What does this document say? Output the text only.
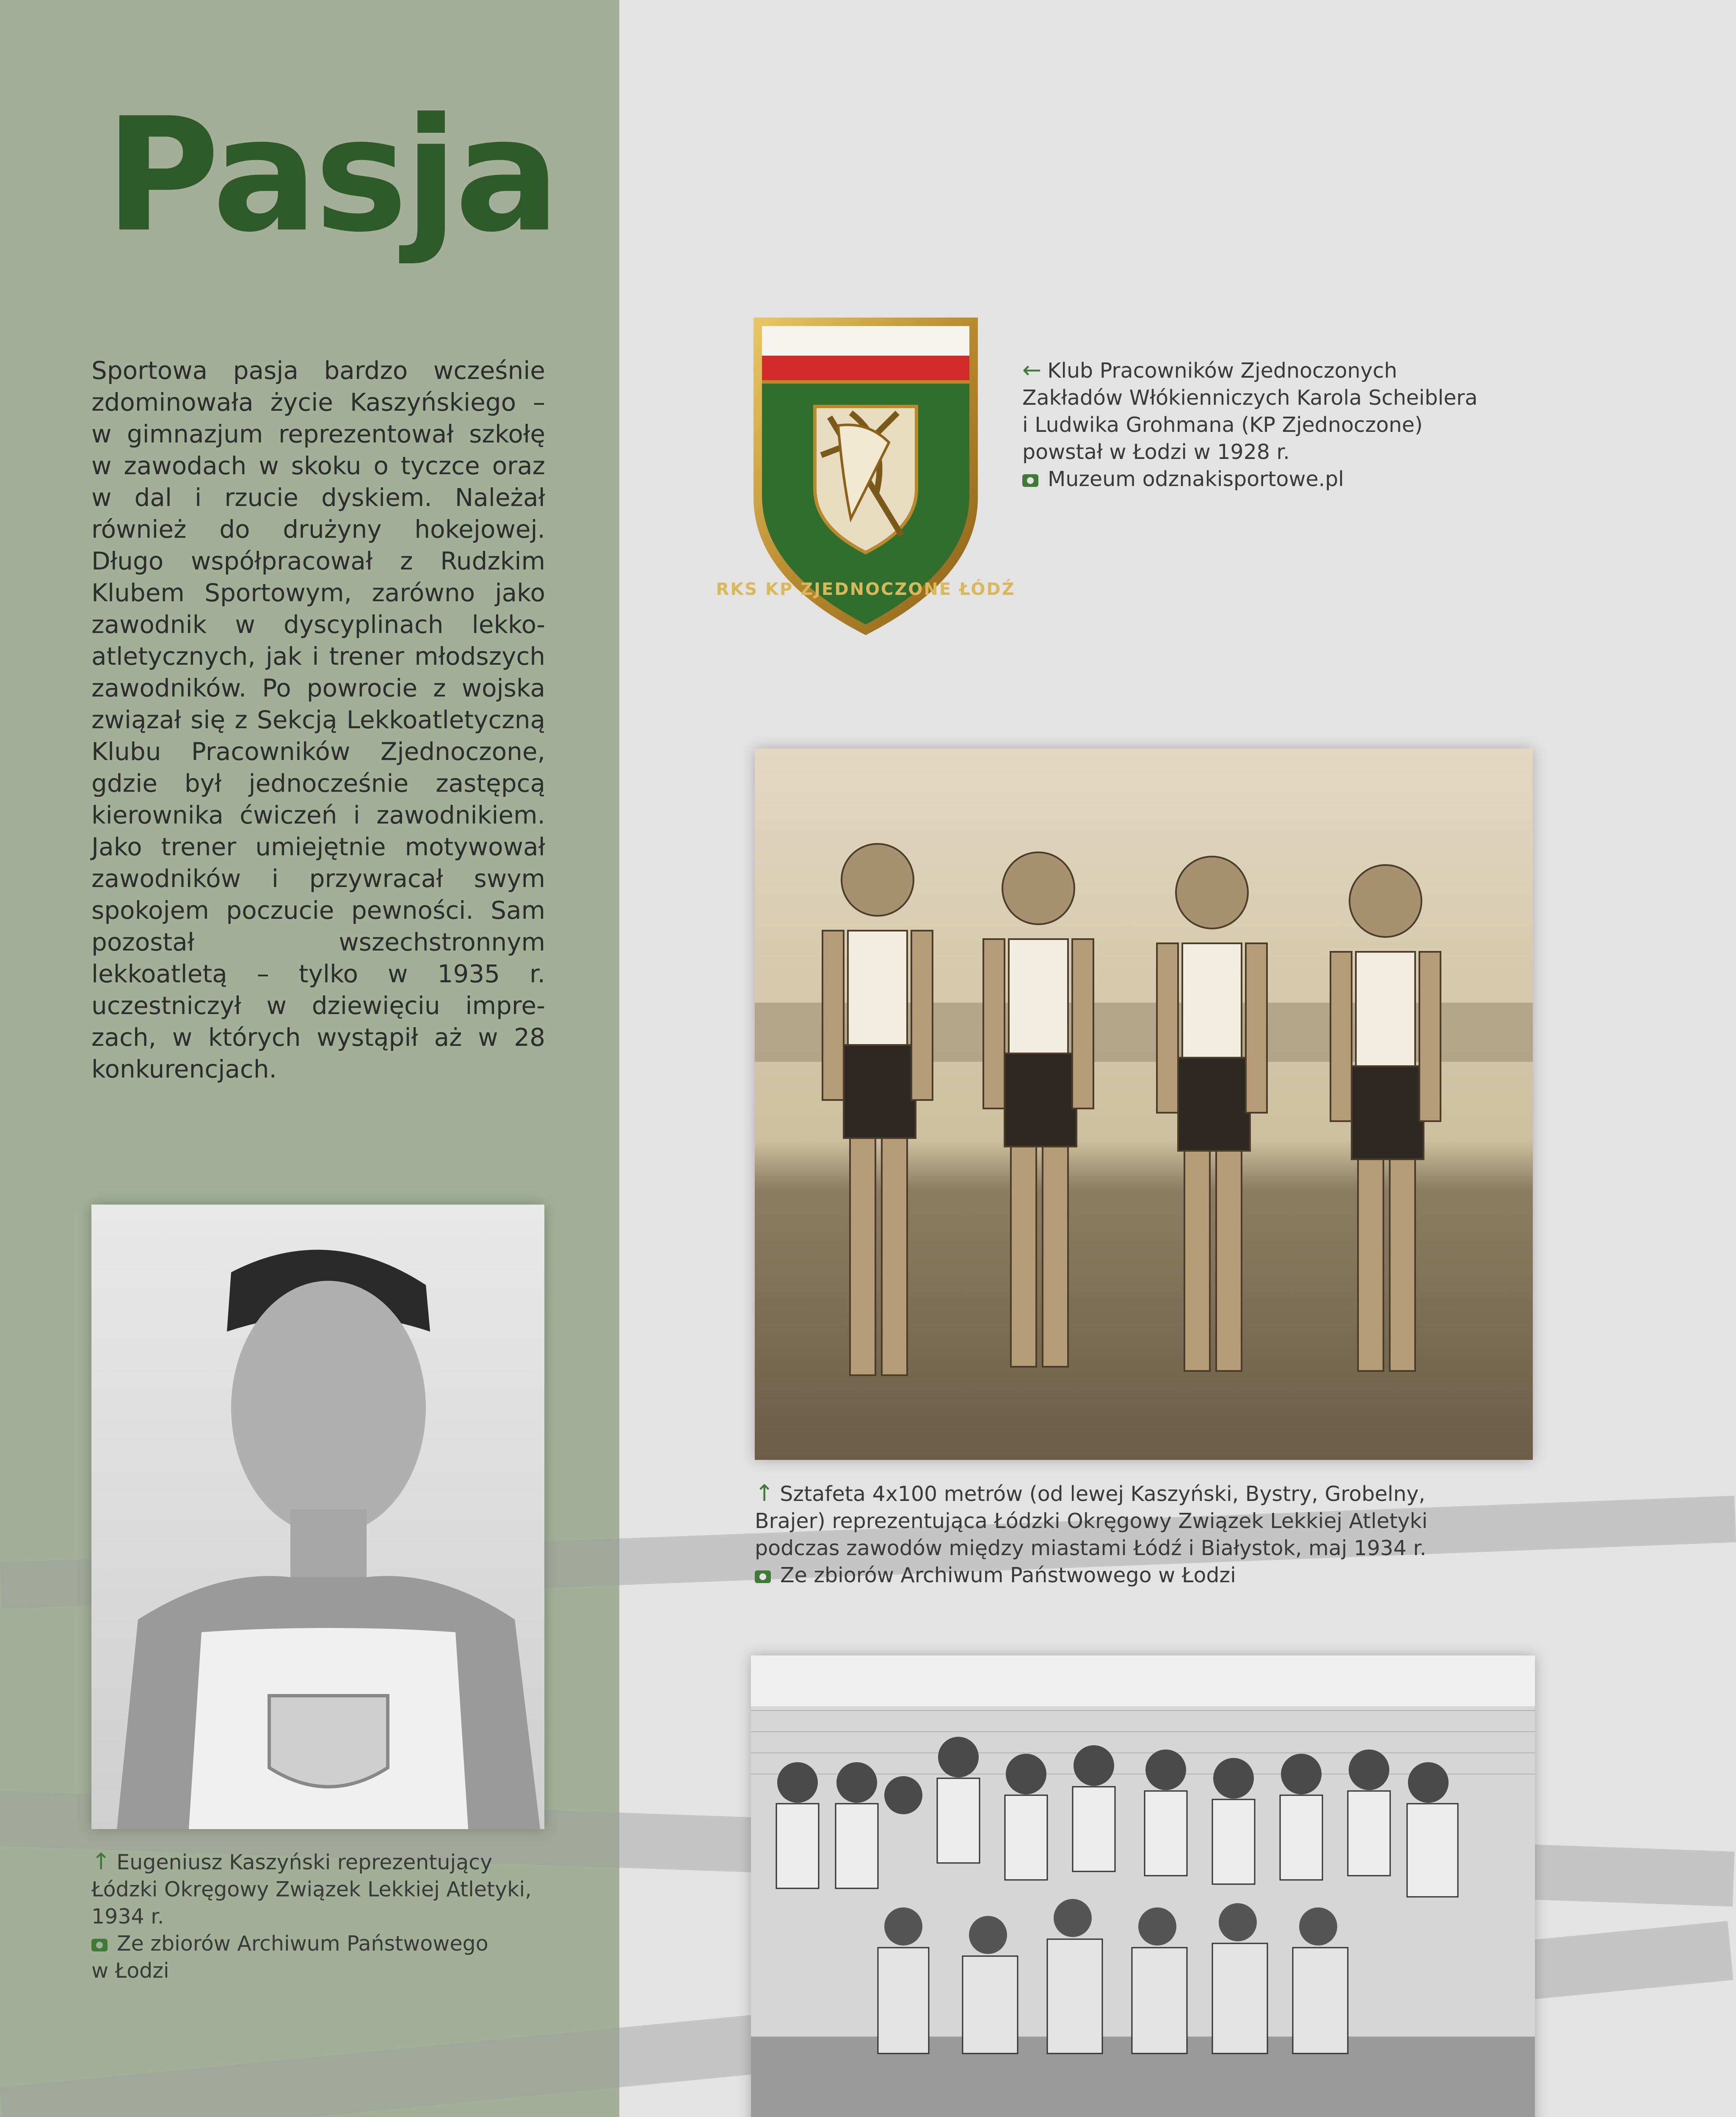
Pasja

Sportowa pasja bardzo wcześnie zdominowała życie Kaszyńskiego – w gimnazjum reprezentował szkołę w zawodach w skoku o tyczce oraz w dal i rzucie dyskiem. Należał również do drużyny hokejowej. Długo współpracował z Rudzkim Klubem Sportowym, zarówno jako zawodnik w dyscyplinach lekkoatletycznych, jak i trener młodszych zawodników. Po powrocie z wojska związał się z Sekcją Lekkoatletyczną Klubu Pracowników Zjednoczone, gdzie był jednocześnie zastępcą kierownika ćwiczeń i zawodnikiem. Jako trener umiejętnie motywował zawodników i przywracał swym spokojem poczucie pewności. Sam pozostał wszechstronnym lekkoatletą – tylko w 1935 r. uczestniczył w dziewięciu imprezach, w których wystąpił aż w 28 konkurencjach.

RKS KP ZJEDNOCZONE ŁÓDŹ

← Klub Pracowników Zjednoczonych

Zakładów Włókienniczych Karola Scheiblera

i Ludwika Grohmana (KP Zjednoczone)

powstał w Łodzi w 1928 r.

Muzeum odznakisportowe.pl

↑ Sztafeta 4x100 metrów (od lewej Kaszyński, Bystry, Grobelny,

Brajer) reprezentująca Łódzki Okręgowy Związek Lekkiej Atletyki

podczas zawodów między miastami Łódź i Białystok, maj 1934 r.

Ze zbiorów Archiwum Państwowego w Łodzi

↑ Eugeniusz Kaszyński reprezentujący

Łódzki Okręgowy Związek Lekkiej Atletyki,

1934 r.

Ze zbiorów Archiwum Państwowego

w Łodzi
